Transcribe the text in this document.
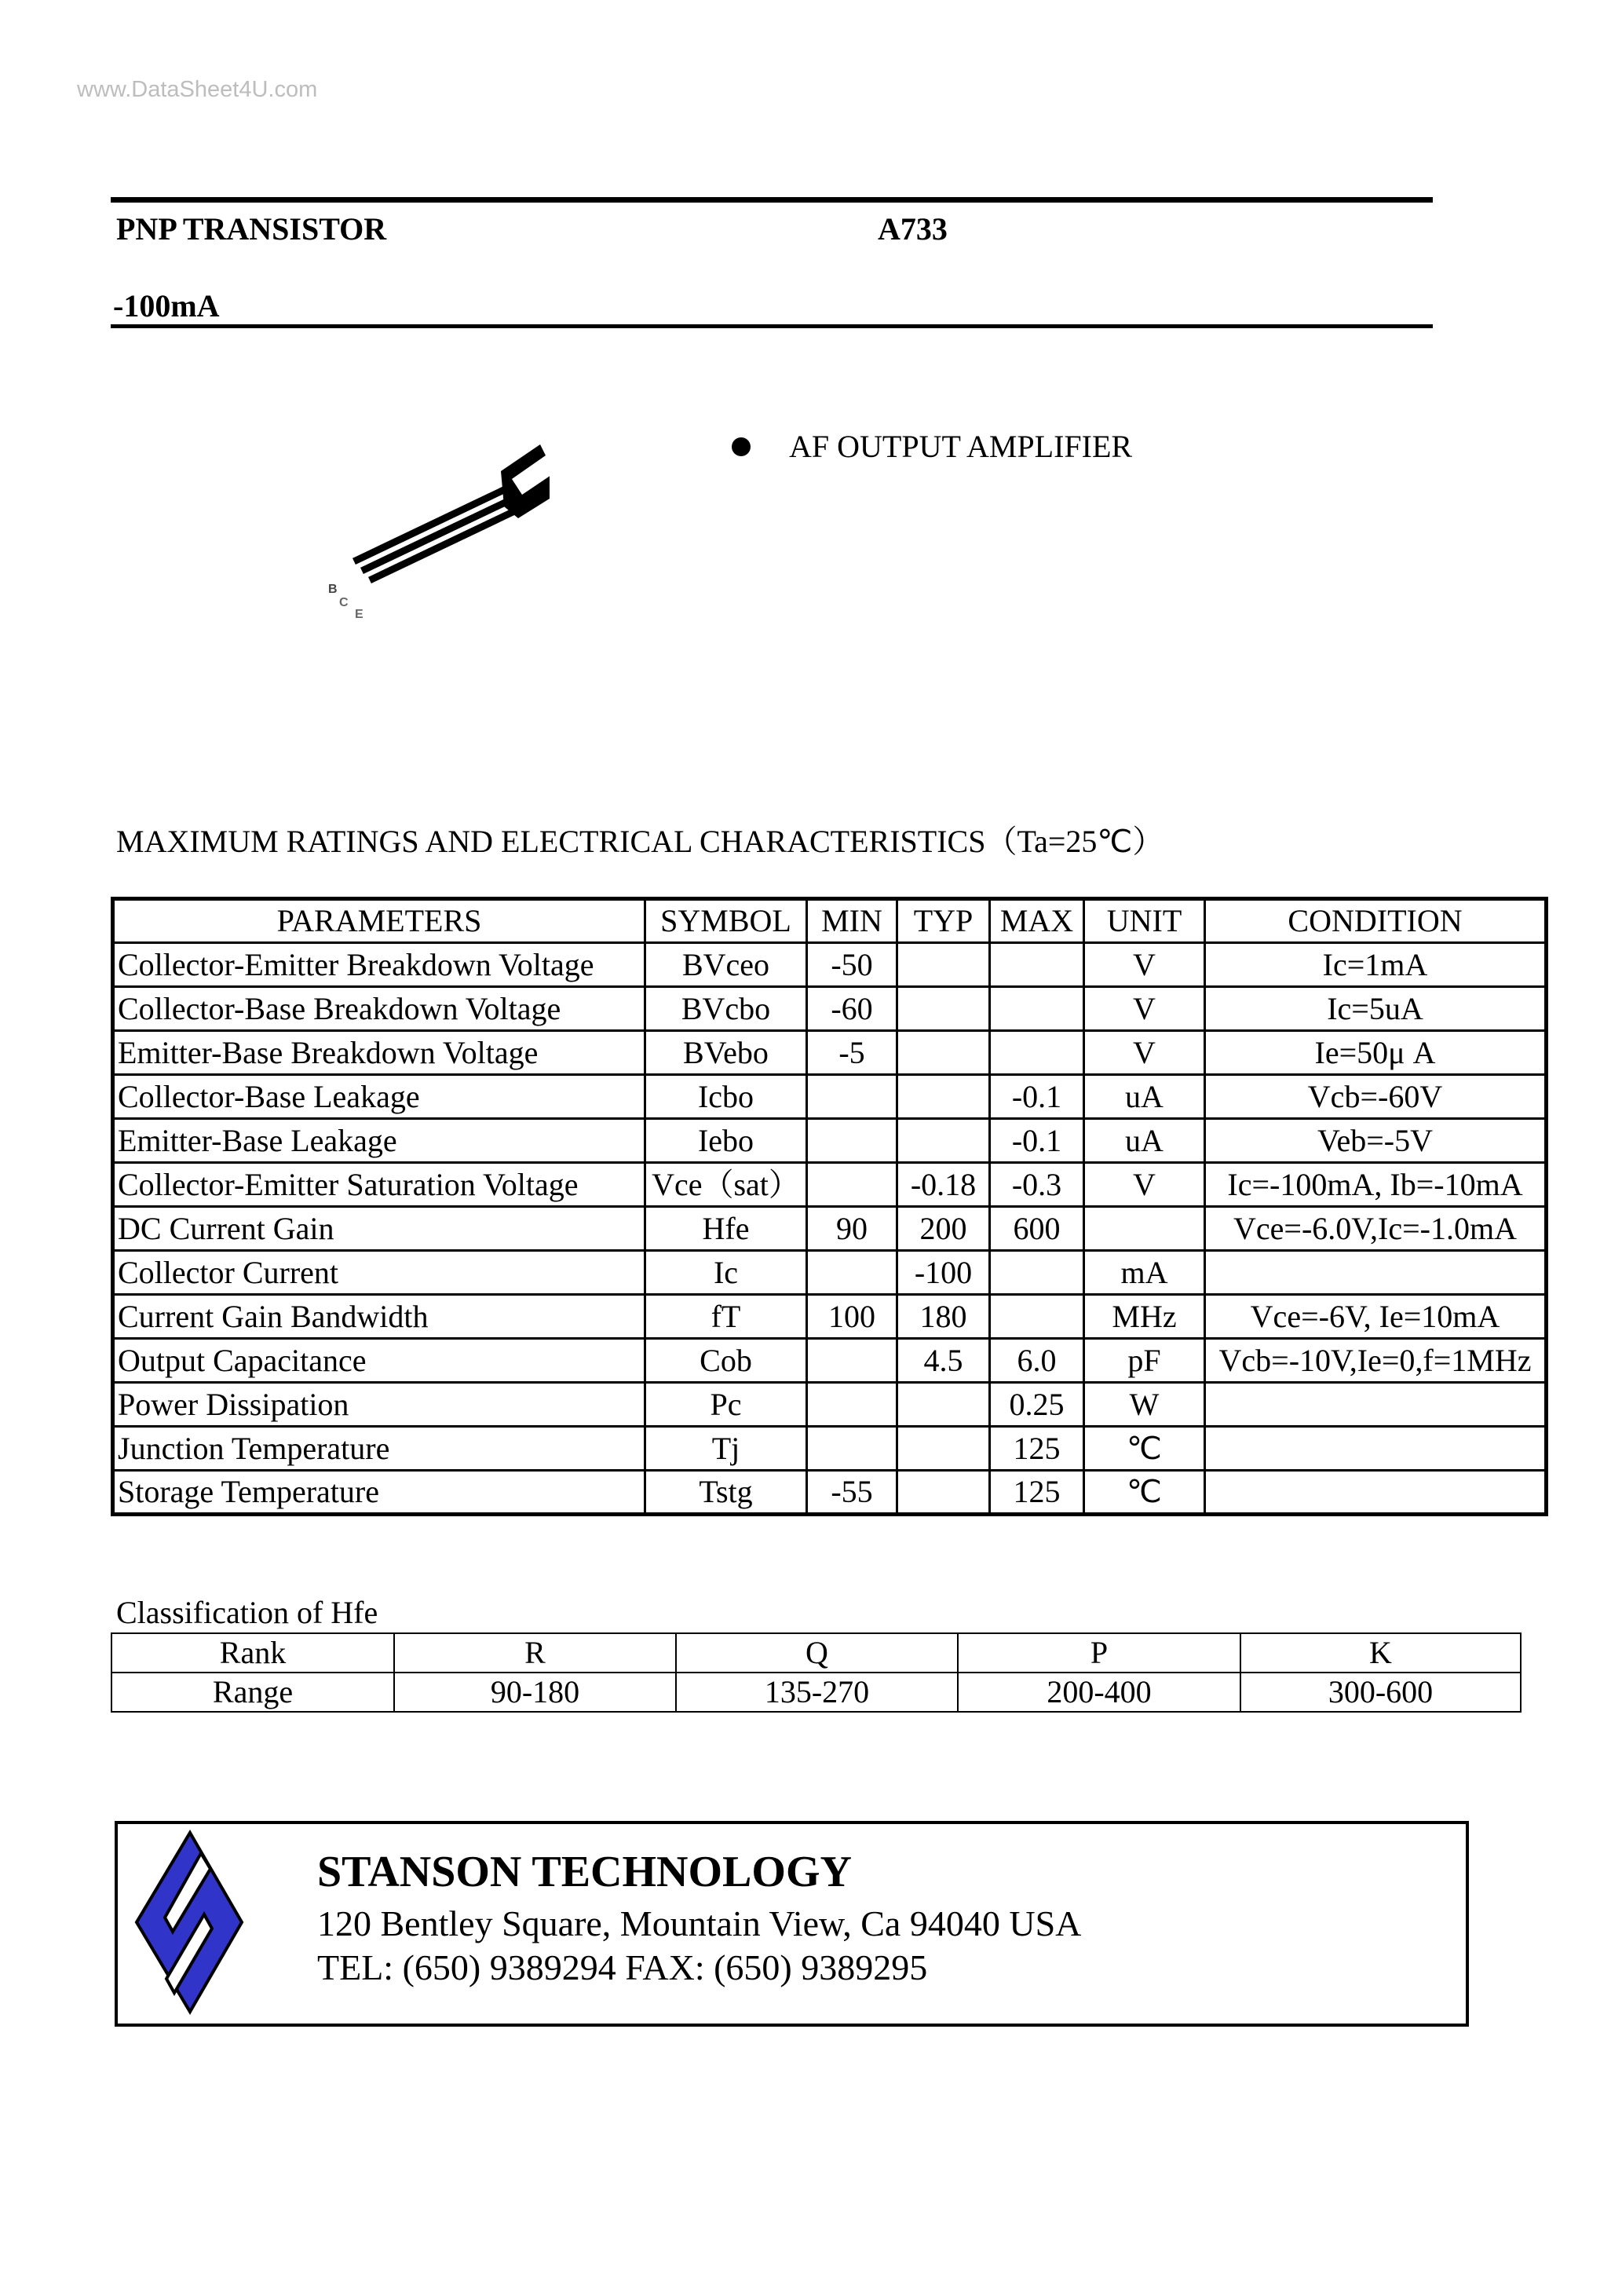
www.DataSheet4U.com
PNP TRANSISTOR	A733
-100mA
B
C
E
AF OUTPUT AMPLIFIER
MAXIMUM RATINGS AND ELECTRICAL CHARACTERISTICS（Ta=25℃）
PARAMETERS	SYMBOL	MIN	TYP	MAX	UNIT	CONDITION
Collector-Emitter Breakdown Voltage	BVceo	-50			V	Ic=1mA
Collector-Base Breakdown Voltage	BVcbo	-60			V	Ic=5uA
Emitter-Base Breakdown Voltage	BVebo	-5			V	Ie=50μ A
Collector-Base Leakage	Icbo			-0.1	uA	Vcb=-60V
Emitter-Base Leakage	Iebo			-0.1	uA	Veb=-5V
Collector-Emitter Saturation Voltage	Vce（sat）		-0.18	-0.3	V	Ic=-100mA, Ib=-10mA
DC Current Gain	Hfe	90	200	600		Vce=-6.0V,Ic=-1.0mA
Collector Current	Ic		-100		mA	
Current Gain Bandwidth	fT	100	180		MHz	Vce=-6V, Ie=10mA
Output Capacitance	Cob		4.5	6.0	pF	Vcb=-10V,Ie=0,f=1MHz
Power Dissipation	Pc			0.25	W	
Junction Temperature	Tj			125	℃	
Storage Temperature	Tstg	-55		125	℃	
Classification of Hfe
Rank	R	Q	P	K
Range	90-180	135-270	200-400	300-600
STANSON TECHNOLOGY
120 Bentley Square, Mountain View, Ca 94040 USA
TEL: (650) 9389294 FAX: (650) 9389295
